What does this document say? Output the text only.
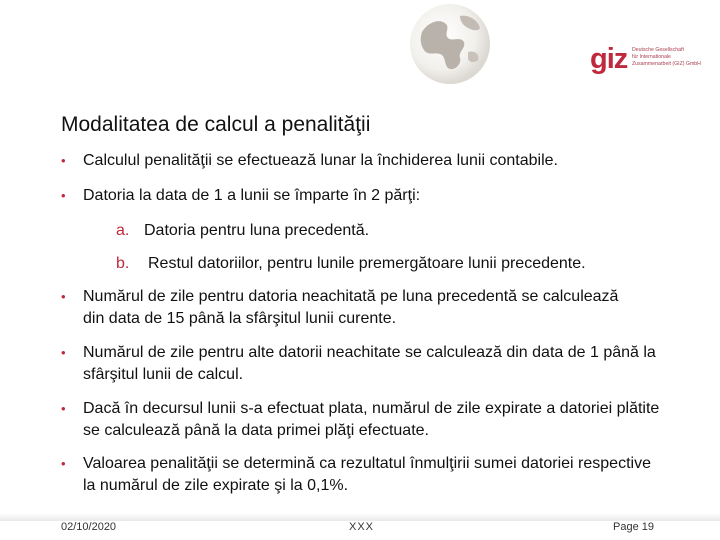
giz Deutsche Gesellschaft
für Internationale
Zusammenarbeit (GIZ) GmbH
Modalitatea de calcul a penalităţii
• Calculul penalităţii se efectuează lunar la închiderea lunii contabile.
• Datoria la data de 1 a lunii se împarte în 2 părţi:
a. Datoria pentru luna precedentă.
b. Restul datoriilor, pentru lunile premergătoare lunii precedente.
• Numărul de zile pentru datoria neachitată pe luna precedentă se calculează din data de 15 până la sfârşitul lunii curente.
• Numărul de zile pentru alte datorii neachitate se calculează din data de 1 până la sfârşitul lunii de calcul.
• Dacă în decursul lunii s-a efectuat plata, numărul de zile expirate a datoriei plătite se calculează până la data primei plăţi efectuate.
• Valoarea penalităţii se determină ca rezultatul înmulţirii sumei datoriei respective la numărul de zile expirate şi la 0,1%.
02/10/2020	XXX	Page 19
